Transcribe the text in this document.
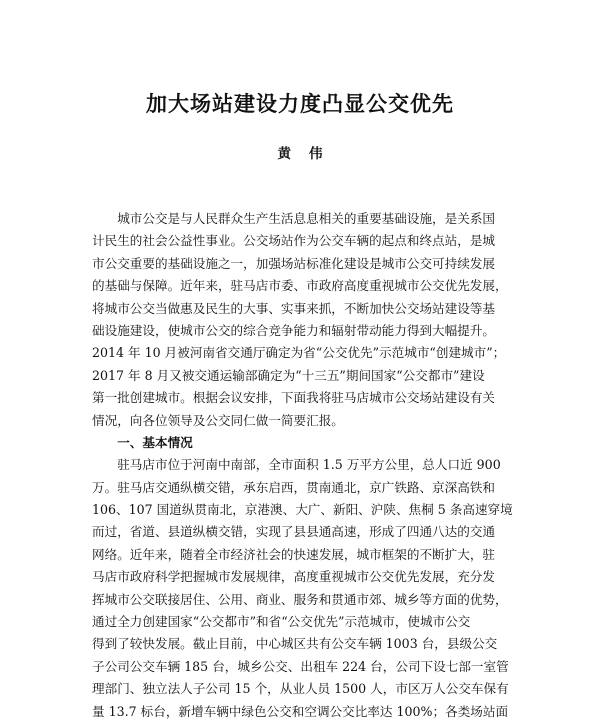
加大场站建设力度凸显公交优先
黄伟
　　城市公交是与人民群众生产生活息息相关的重要基础设施，是关系国
计民生的社会公益性事业。公交场站作为公交车辆的起点和终点站，是城
市公交重要的基础设施之一，加强场站标准化建设是城市公交可持续发展
的基础与保障。近年来，驻马店市委、市政府高度重视城市公交优先发展，
将城市公交当做惠及民生的大事、实事来抓，不断加快公交场站建设等基
础设施建设，使城市公交的综合竞争能力和辐射带动能力得到大幅提升。
2014 年 10 月被河南省交通厅确定为省“公交优先”示范城市“创建城市”；
2017 年 8 月又被交通运输部确定为“十三五”期间国家“公交都市”建设
第一批创建城市。根据会议安排，下面我将驻马店城市公交场站建设有关
情况，向各位领导及公交同仁做一简要汇报。
　　一、基本情况
　　驻马店市位于河南中南部，全市面积 1.5 万平方公里，总人口近 900
万。驻马店交通纵横交错，承东启西，贯南通北，京广铁路、京深高铁和
106、107 国道纵贯南北，京港澳、大广、新阳、沪陕、焦桐 5 条高速穿境
而过，省道、县道纵横交错，实现了县县通高速，形成了四通八达的交通
网络。近年来，随着全市经济社会的快速发展，城市框架的不断扩大，驻
马店市政府科学把握城市发展规律，高度重视城市公交优先发展，充分发
挥城市公交联接居住、公用、商业、服务和贯通市郊、城乡等方面的优势，
通过全力创建国家“公交都市”和省“公交优先”示范城市，使城市公交
得到了较快发展。截止目前，中心城区共有公交车辆 1003 台，县级公交
子公司公交车辆 185 台，城乡公交、出租车 224 台，公司下设七部一室管
理部门、独立法人子公司 15 个，从业人员 1500 人，市区万人公交车保有
量 13.7 标台，新增车辆中绿色公交和空调公交比率达 100%；各类场站面
